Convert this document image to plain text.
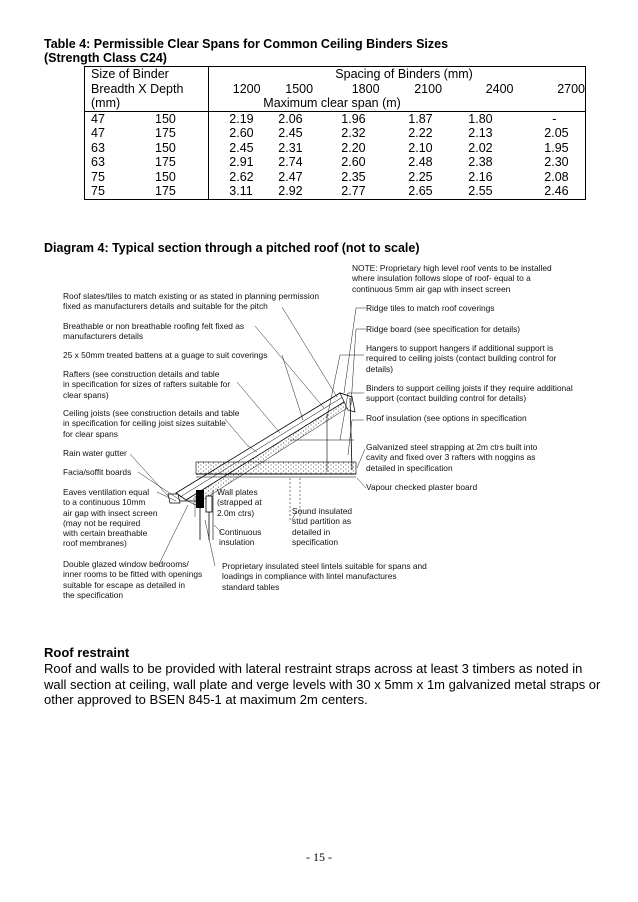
Table 4: Permissible Clear Spans for Common Ceiling Binders Sizes
(Strength Class C24)
Size of Binder	Spacing of Binders (mm)
Breadth X Depth	1200 1500 1800 2100 2400 2700
(mm)	Maximum clear span (m)
47 150	2.19 2.06 1.96 1.87 1.80 -
47 175	2.60 2.45 2.32 2.22 2.13 2.05
63 150	2.45 2.31 2.20 2.10 2.02 1.95
63 175	2.91 2.74 2.60 2.48 2.38 2.30
75 150	2.62 2.47 2.35 2.25 2.16 2.08
75 175	3.11 2.92 2.77 2.65 2.55 2.46
Diagram 4: Typical section through a pitched roof (not to scale)
NOTE: Proprietary high level roof vents to be installed
where insulation follows slope of roof- equal to a
continuous 5mm air gap with insect screen
Roof slates/tiles to match existing or as stated in planning permission
fixed as manufacturers details and suitable for the pitch
Breathable or non breathable roofing felt fixed as
manufacturers details
25 x 50mm treated battens at a guage to suit coverings
Rafters (see construction details and table
in specification for sizes of rafters suitable for
clear spans)
Ceiling joists (see construction details and table
in specification for ceiling joist sizes suitable
for clear spans
Rain water gutter
Facia/soffit boards
Eaves ventilation equal
to a continuous 10mm
air gap with insect screen
(may not be required
with certain breathable
roof membranes)
Double glazed window bedrooms/
inner rooms to be fitted with openings
suitable for escape as detailed in
the specification
Wall plates
(strapped at
2.0m ctrs)
Continuous
insulation
Sound insulated
stud partition as
detailed in
specification
Proprietary insulated steel lintels suitable for spans and
loadings in compliance with lintel manufactures
standard tables
Ridge tiles to match roof coverings
Ridge board (see specification for details)
Hangers to support hangers if additional support is
required to ceiling joists (contact building control for
details)
Binders to support ceiling joists if they require additional
support (contact building control for details)
Roof insulation (see options in specification
Galvanized steel strapping at 2m ctrs built into
cavity and fixed over 3 rafters with noggins as
detailed in specification
Vapour checked plaster board
Roof restraint
Roof and walls to be provided with lateral restraint straps across at least 3 timbers as noted in wall section at ceiling, wall plate and verge levels with 30 x 5mm x 1m galvanized metal straps or other approved to BSEN 845-1 at maximum 2m centers.
- 15 -
